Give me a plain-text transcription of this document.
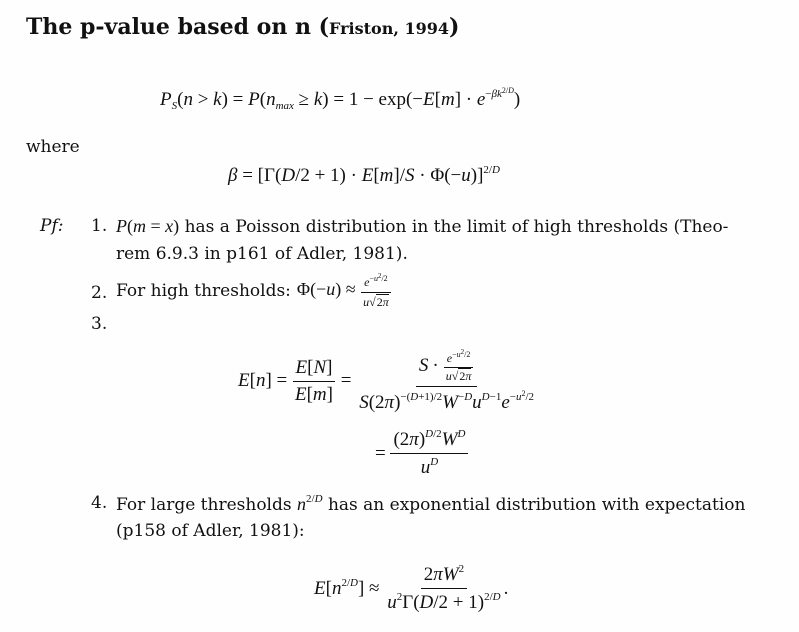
The p-value based on n (Friston, 1994)
$P_S(n > k) = P(n_{max} \ge k) = 1 - \exp(-E[m] \cdot e^{-\beta k^{2/D}})$
where
$\beta = [\Gamma(D/2 + 1) \cdot E[m]/S \cdot \Phi(-u)]^{2/D}$
Pf: 1. P(m = x) has a Poisson distribution in the limit of high thresholds (Theo-
rem 6.9.3 in p161 of Adler, 1981).
2. For high thresholds: $\Phi(-u) \approx \frac{e^{-u^2/2}}{u√2\pi}$
3.
$E[n] = \frac{E[N]}{E[m]} = \frac{S \cdot \frac{e^{-u^2/2}}{u√2\pi}}{S(2\pi)^{-(D+1)/2}W^{-D}u^{D-1}e^{-u^2/2}}$
= $\frac{(2\pi)^{D/2}W^D}{u^D}$
4. For large thresholds $n^{2/D}$ has an exponential distribution with expectation
(p158 of Adler, 1981):
$E[n^{2/D}] \approx \frac{2\pi W^2}{u^2\Gamma(D/2 + 1)^{2/D}}$ .
